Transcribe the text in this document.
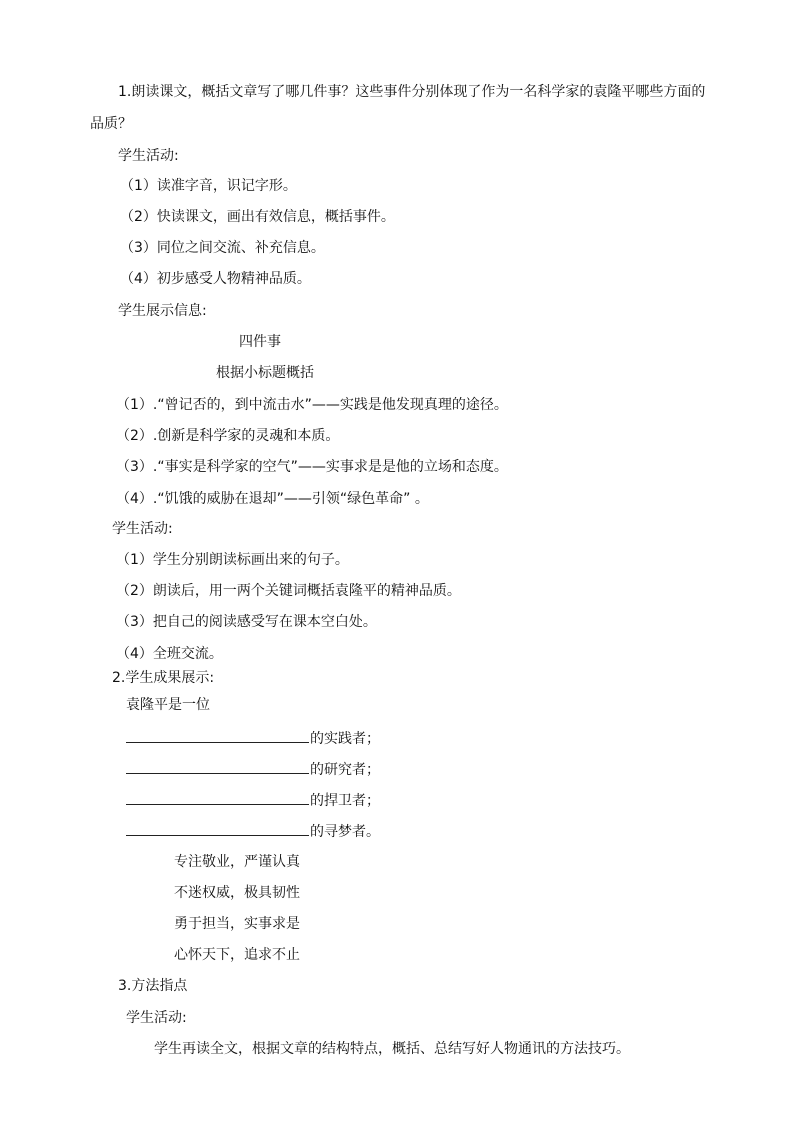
1.朗读课文，概括文章写了哪几件事？这些事件分别体现了作为一名科学家的袁隆平哪些方面的
品质？
学生活动:
（1）读准字音，识记字形。
（2）快读课文，画出有效信息，概括事件。
（3）同位之间交流、补充信息。
（4）初步感受人物精神品质。
学生展示信息:
四件事
根据小标题概括
（1）.“曾记否的，到中流击水”——实践是他发现真理的途径。
（2）.创新是科学家的灵魂和本质。
（3）.“事实是科学家的空气”——实事求是是他的立场和态度。
（4）.“饥饿的威胁在退却”——引领“绿色革命” 。
学生活动:
（1）学生分别朗读标画出来的句子。
（2）朗读后，用一两个关键词概括袁隆平的精神品质。
（3）把自己的阅读感受写在课本空白处。
（4）全班交流。
2.学生成果展示:
袁隆平是一位
的实践者；
的研究者；
的捍卫者；
的寻梦者。
专注敬业，严谨认真
不迷权威，极具韧性
勇于担当，实事求是
心怀天下，追求不止
3.方法指点
学生活动:
学生再读全文，根据文章的结构特点，概括、总结写好人物通讯的方法技巧。
